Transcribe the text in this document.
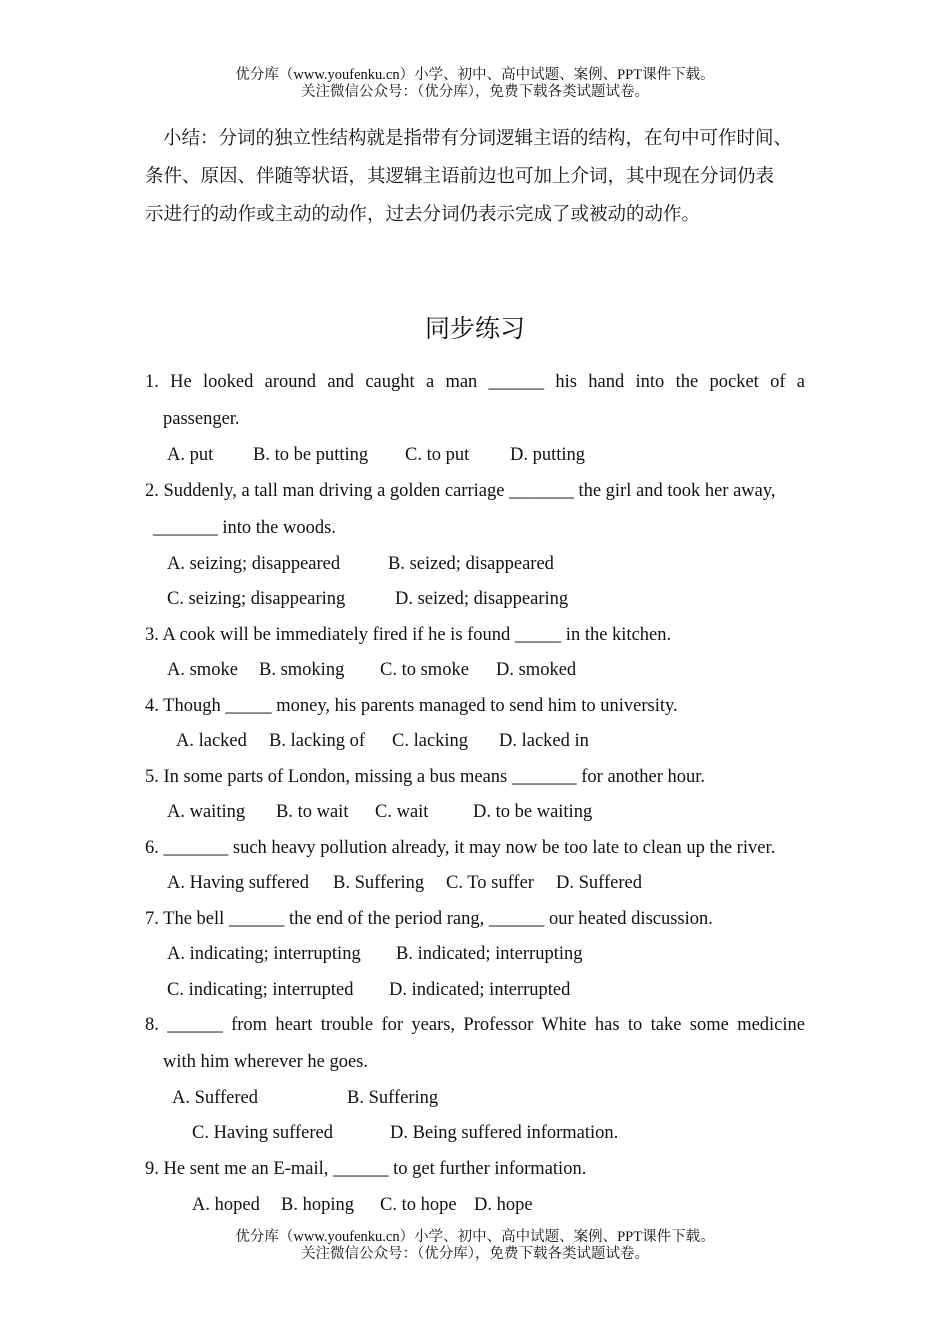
优分库（www.youfenku.cn）小学、初中、高中试题、案例、PPT课件下载。
关注微信公众号：（优分库），免费下载各类试题试卷。
小结：分词的独立性结构就是指带有分词逻辑主语的结构，在句中可作时间、
条件、原因、伴随等状语，其逻辑主语前边也可加上介词，其中现在分词仍表
示进行的动作或主动的动作，过去分词仍表示完成了或被动的动作。
同步练习
1. He looked around and caught a man ______ his hand into the pocket of a
passenger.
A. put B. to be putting C. to put D. putting
2. Suddenly, a tall man driving a golden carriage _______ the girl and took her away,
_______ into the woods.
A. seizing; disappeared	B. seized; disappeared
C. seizing; disappearing	D. seized; disappearing
3. A cook will be immediately fired if he is found _____ in the kitchen.
A. smoke B. smoking C. to smoke D. smoked
4. Though _____ money, his parents managed to send him to university.
A. lacked B. lacking of C. lacking D. lacked in
5. In some parts of London, missing a bus means _______ for another hour.
A. waiting B. to wait C. wait D. to be waiting
6. _______ such heavy pollution already, it may now be too late to clean up the river.
A. Having suffered B. Suffering C. To suffer D. Suffered
7. The bell ______ the end of the period rang, ______ our heated discussion.
A. indicating; interrupting B. indicated; interrupting
C. indicating; interrupted D. indicated; interrupted
8. ______ from heart trouble for years, Professor White has to take some medicine
with him wherever he goes.
A. Suffered	B. Suffering
C. Having suffered	D. Being suffered information.
9. He sent me an E-mail, ______ to get further information.
A. hoped B. hoping C. to hope D. hope
优分库（www.youfenku.cn）小学、初中、高中试题、案例、PPT课件下载。
关注微信公众号：（优分库），免费下载各类试题试卷。
